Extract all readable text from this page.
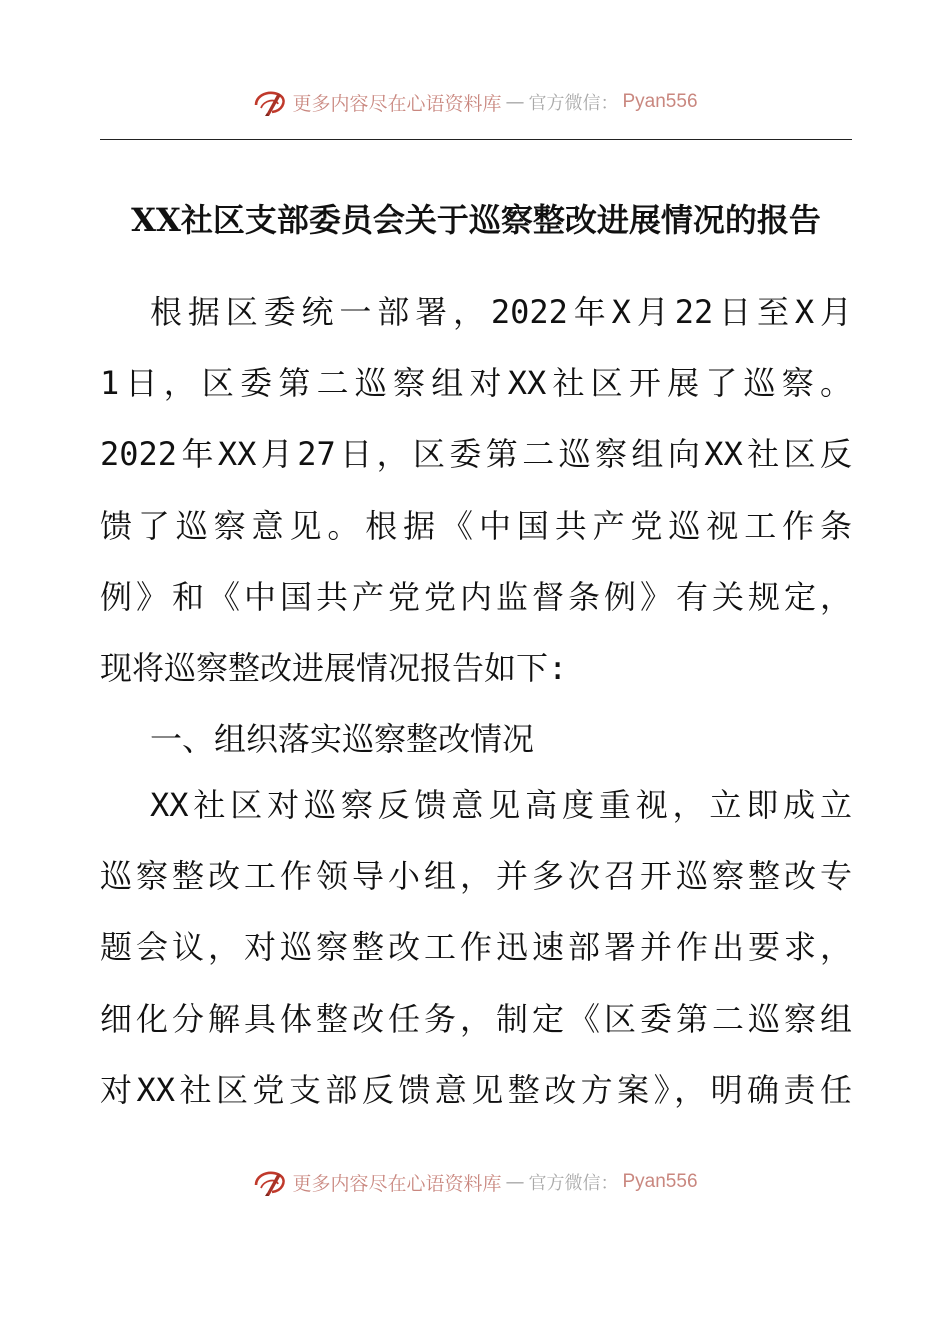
更多内容尽在心语资料库 — 官方微信： Pyan556
XX社区支部委员会关于巡察整改进展情况的报告
根据区委统一部署，2022年X月22日至X月
1日，区委第二巡察组对XX社区开展了巡察。
2022年XX月27日，区委第二巡察组向XX社区反
馈了巡察意见。根据《中国共产党巡视工作条
例》和《中国共产党党内监督条例》有关规定，
现将巡察整改进展情况报告如下:
一、组织落实巡察整改情况
XX社区对巡察反馈意见高度重视，立即成立
巡察整改工作领导小组，并多次召开巡察整改专
题会议，对巡察整改工作迅速部署并作出要求，
细化分解具体整改任务，制定《区委第二巡察组
对XX社区党支部反馈意见整改方案》，明确责任
更多内容尽在心语资料库 — 官方微信： Pyan556
